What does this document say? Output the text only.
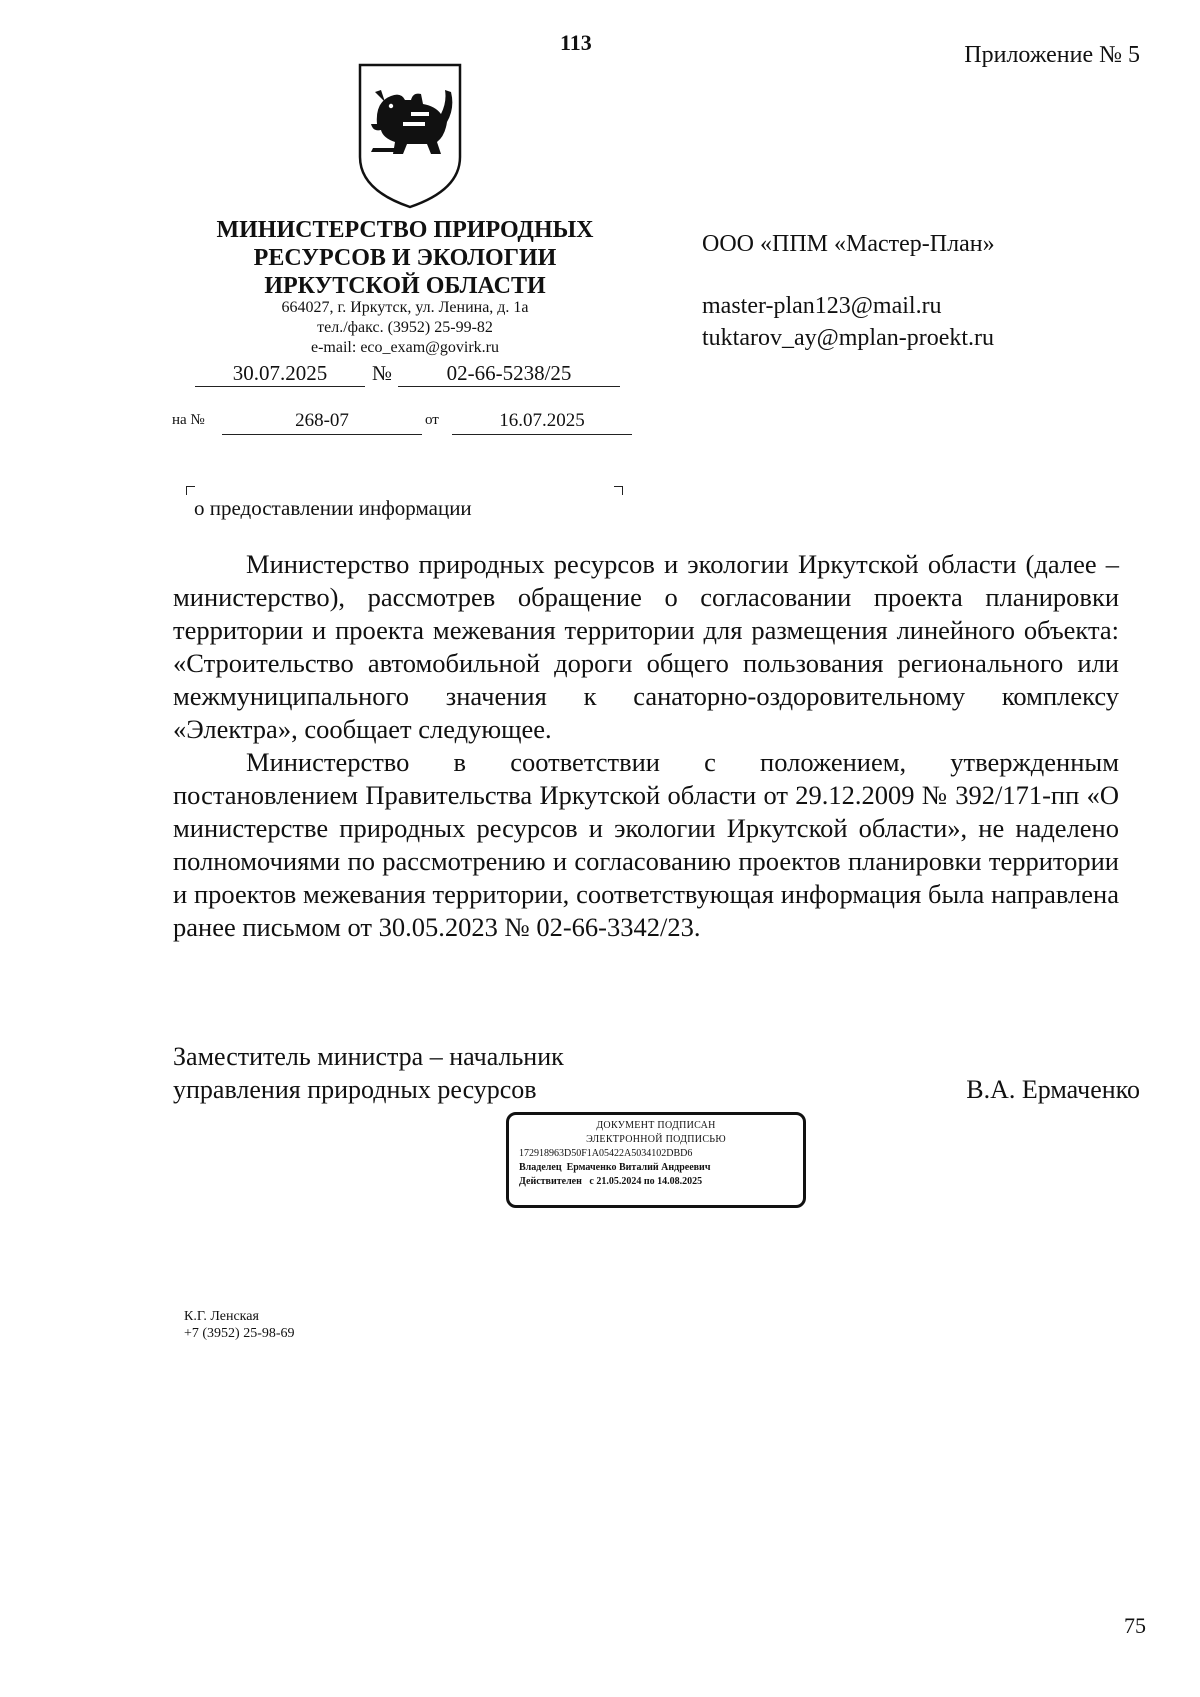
113	Приложение № 5
МИНИСТЕРСТВО ПРИРОДНЫХ
РЕСУРСОВ И ЭКОЛОГИИ
ИРКУТСКОЙ ОБЛАСТИ
664027, г. Иркутск, ул. Ленина, д. 1а
тел./факс. (3952) 25-99-82
e-mail: eco_exam@govirk.ru
30.07.2025	№	02-66-5238/25
на №	268-07	от	16.07.2025
о предоставлении информации
ООО «ППМ «Мастер-План»
master-plan123@mail.ru
tuktarov_ay@mplan-proekt.ru

Министерство природных ресурсов и экологии Иркутской области (далее – министерство), рассмотрев обращение о согласовании проекта планировки территории и проекта межевания территории для размещения линейного объекта: «Строительство автомобильной дороги общего пользования регионального или межмуниципального значения к санаторно-оздоровительному комплексу «Электра», сообщает следующее.

Министерство в соответствии с положением, утвержденным постановлением Правительства Иркутской области от 29.12.2009 № 392/171-пп «О министерстве природных ресурсов и экологии Иркутской области», не наделено полномочиями по рассмотрению и согласованию проектов планировки территории и проектов межевания территории, соответствующая информация была направлена ранее письмом от 30.05.2023 № 02-66-3342/23.

Заместитель министра – начальник
управления природных ресурсов	В.А. Ермаченко
ДОКУМЕНТ ПОДПИСАН
ЭЛЕКТРОННОЙ ПОДПИСЬЮ
172918963D50F1A05422A5034102DBD6
Владелец Ермаченко Виталий Андреевич
Действителен с 21.05.2024 по 14.08.2025
К.Г. Ленская
+7 (3952) 25-98-69
75
